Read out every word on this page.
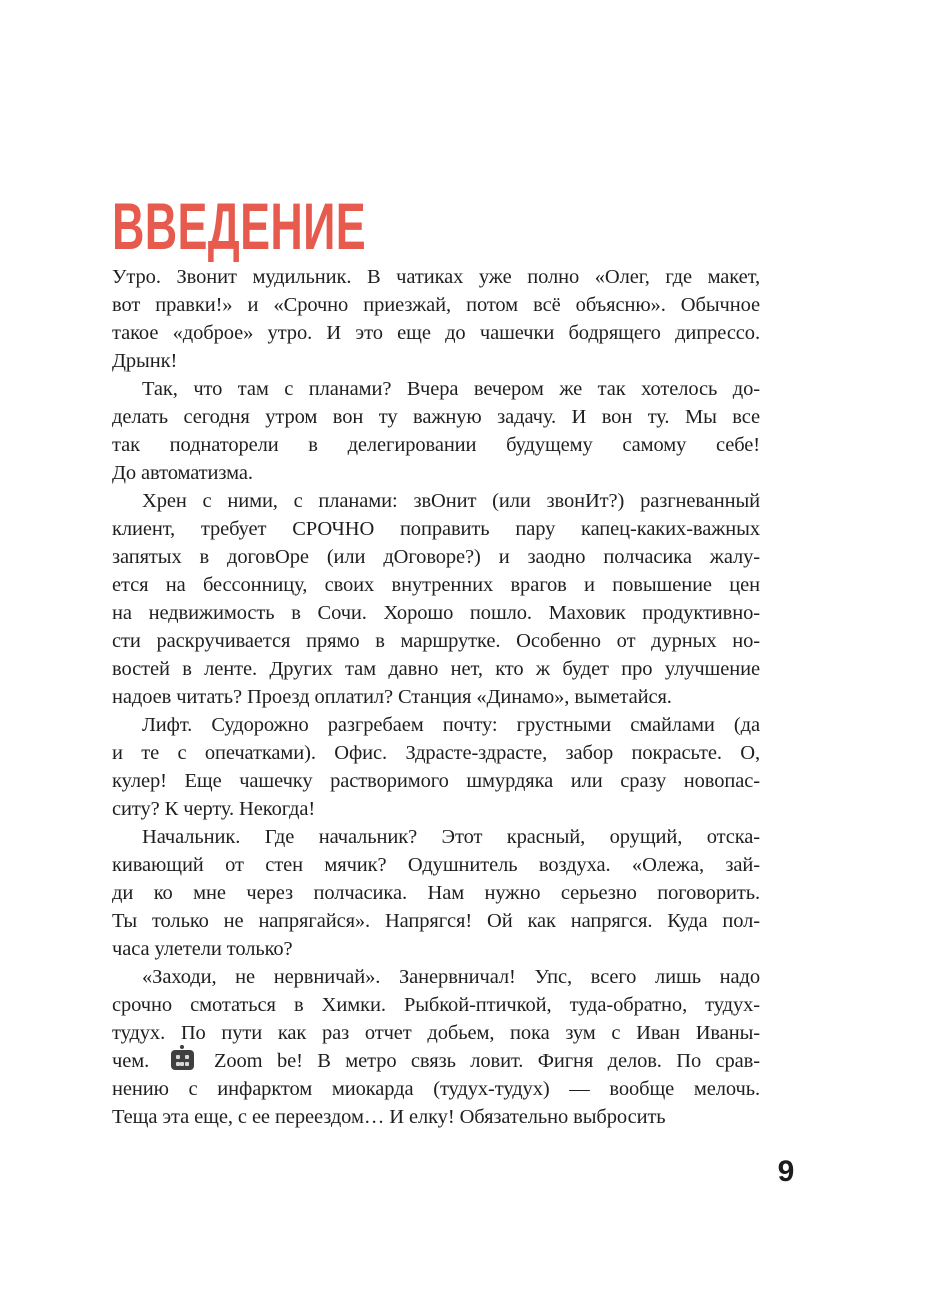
ВВЕДЕНИЕ
Утро. Звонит мудильник. В чатиках уже полно «Олег, где макет,
вот правки!» и «Срочно приезжай, потом всё объясню». Обычное
такое «доброе» утро. И это еще до чашечки бодрящего дипрессо.
Дрынк!
Так, что там с планами? Вчера вечером же так хотелось до-
делать сегодня утром вон ту важную задачу. И вон ту. Мы все
так поднаторели в делегировании будущему самому себе!
До автоматизма.
Хрен с ними, с планами: звОнит (или звонИт?) разгневанный
клиент, требует СРОЧНО поправить пару капец-каких-важных
запятых в договОре (или дОговоре?) и заодно полчасика жалу-
ется на бессонницу, своих внутренних врагов и повышение цен
на недвижимость в Сочи. Хорошо пошло. Маховик продуктивно-
сти раскручивается прямо в маршрутке. Особенно от дурных но-
востей в ленте. Других там давно нет, кто ж будет про улучшение
надоев читать? Проезд оплатил? Станция «Динамо», выметайся.
Лифт. Судорожно разгребаем почту: грустными смайлами (да
и те с опечатками). Офис. Здрасте-здрасте, забор покрасьте. О,
кулер! Еще чашечку растворимого шмурдяка или сразу новопас-
ситу? К черту. Некогда!
Начальник. Где начальник? Этот красный, орущий, отска-
кивающий от стен мячик? Одушнитель воздуха. «Олежа, зай-
ди ко мне через полчасика. Нам нужно серьезно поговорить.
Ты только не напрягайся». Напрягся! Ой как напрягся. Куда пол-
часа улетели только?
«Заходи, не нервничай». Занервничал! Упс, всего лишь надо
срочно смотаться в Химки. Рыбкой-птичкой, туда-обратно, тудух-
тудух. По пути как раз отчет добьем, пока зум с Иван Иваны-
чем.  Zoom be! В метро связь ловит. Фигня делов. По срав-
нению с инфарктом миокарда (тудух-тудух) — вообще мелочь.
Теща эта еще, с ее переездом… И елку! Обязательно выбросить
9
